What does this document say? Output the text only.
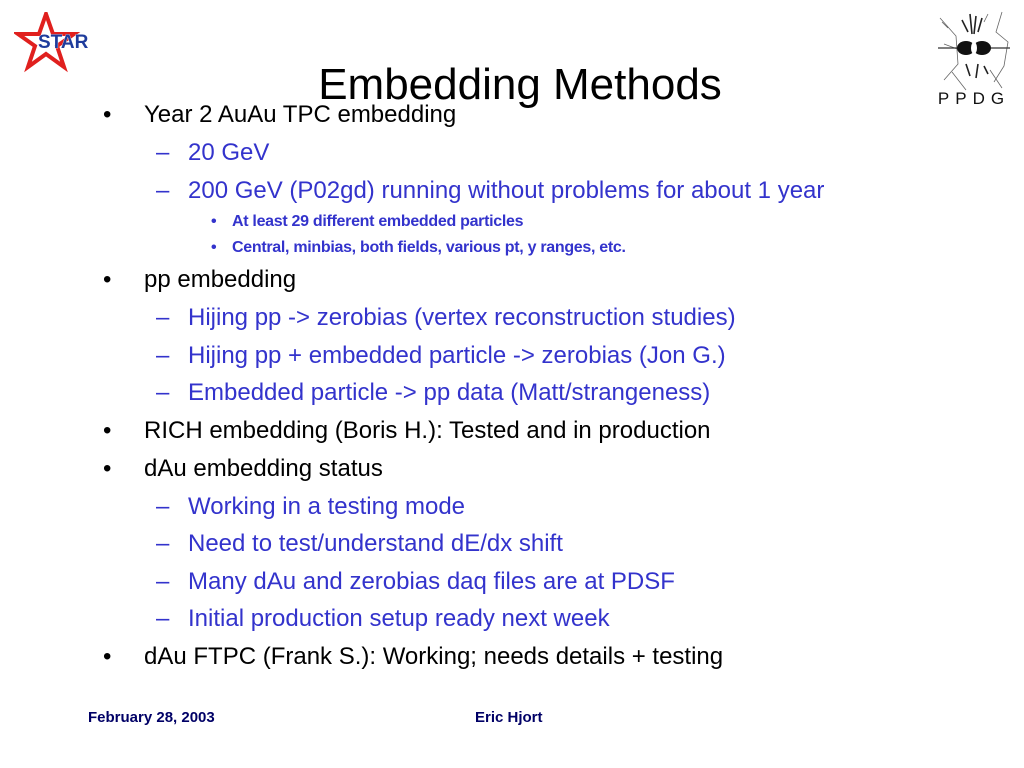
STAR
PPDG
Embedding Methods
• Year 2 AuAu TPC embedding
– 20 GeV
– 200 GeV (P02gd) running without problems for about 1 year
• At least 29 different embedded particles
• Central, minbias, both fields, various pt, y ranges, etc.
• pp embedding
– Hijing pp -> zerobias (vertex reconstruction studies)
– Hijing pp + embedded particle -> zerobias (Jon G.)
– Embedded particle -> pp data (Matt/strangeness)
• RICH embedding (Boris H.): Tested and in production
• dAu embedding status
– Working in a testing mode
– Need to test/understand dE/dx shift
– Many dAu and zerobias daq files are at PDSF
– Initial production setup ready next week
• dAu FTPC (Frank S.): Working; needs details + testing
February 28, 2003	Eric Hjort
